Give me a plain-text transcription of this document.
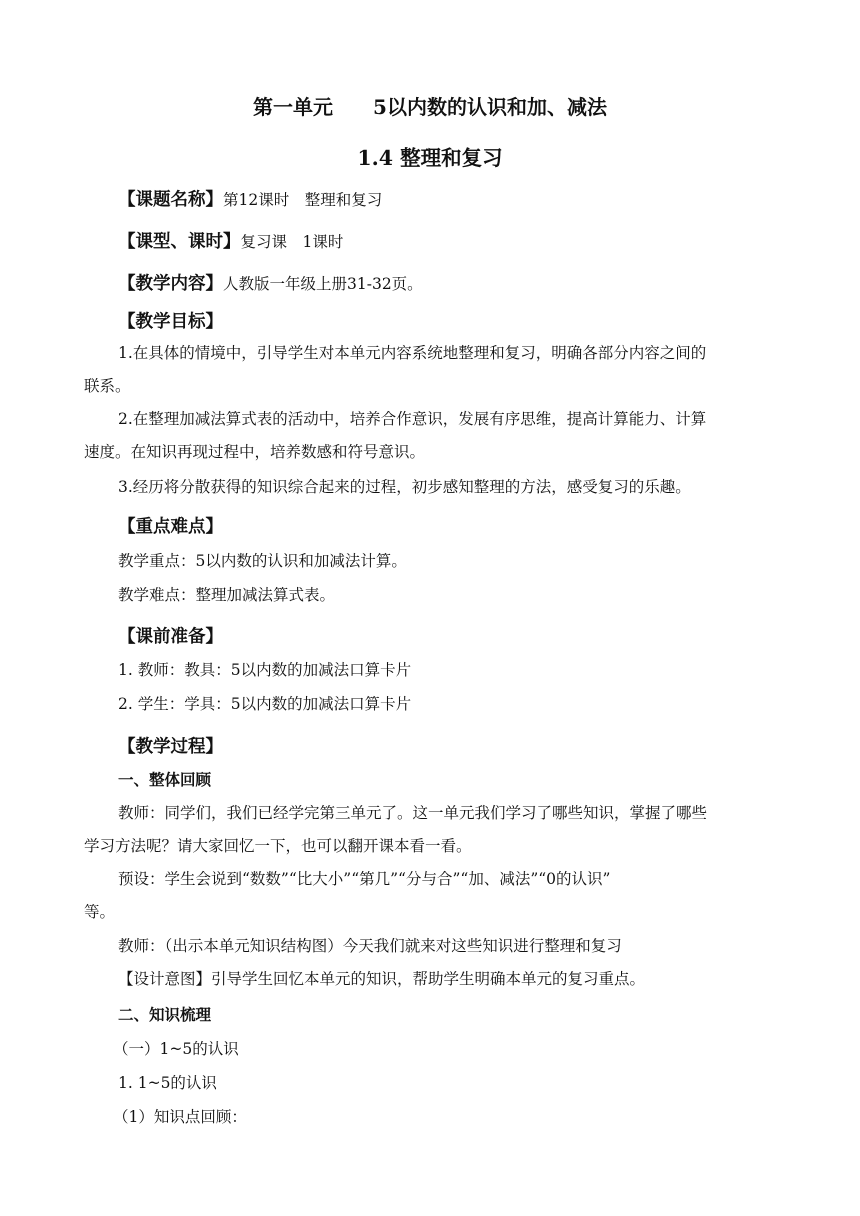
第一单元　　5以内数的认识和加、减法
1.4 整理和复习
【课题名称】第12课时　整理和复习
【课型、课时】复习课　1课时
【教学内容】人教版一年级上册31-32页。
【教学目标】
1.在具体的情境中，引导学生对本单元内容系统地整理和复习，明确各部分内容之间的
联系。
2.在整理加减法算式表的活动中，培养合作意识，发展有序思维，提高计算能力、计算
速度。在知识再现过程中，培养数感和符号意识。
3.经历将分散获得的知识综合起来的过程，初步感知整理的方法，感受复习的乐趣。
【重点难点】
教学重点：5以内数的认识和加减法计算。
教学难点：整理加减法算式表。
【课前准备】
1. 教师：教具：5以内数的加减法口算卡片
2. 学生：学具：5以内数的加减法口算卡片
【教学过程】
一、整体回顾
教师：同学们，我们已经学完第三单元了。这一单元我们学习了哪些知识，掌握了哪些
学习方法呢？请大家回忆一下，也可以翻开课本看一看。
预设：学生会说到“数数”“比大小”“第几”“分与合”“加、减法”“0的认识”
等。
教师：（出示本单元知识结构图）今天我们就来对这些知识进行整理和复习
【设计意图】引导学生回忆本单元的知识，帮助学生明确本单元的复习重点。
二、知识梳理
（一）1~5的认识
1. 1~5的认识
（1）知识点回顾：
